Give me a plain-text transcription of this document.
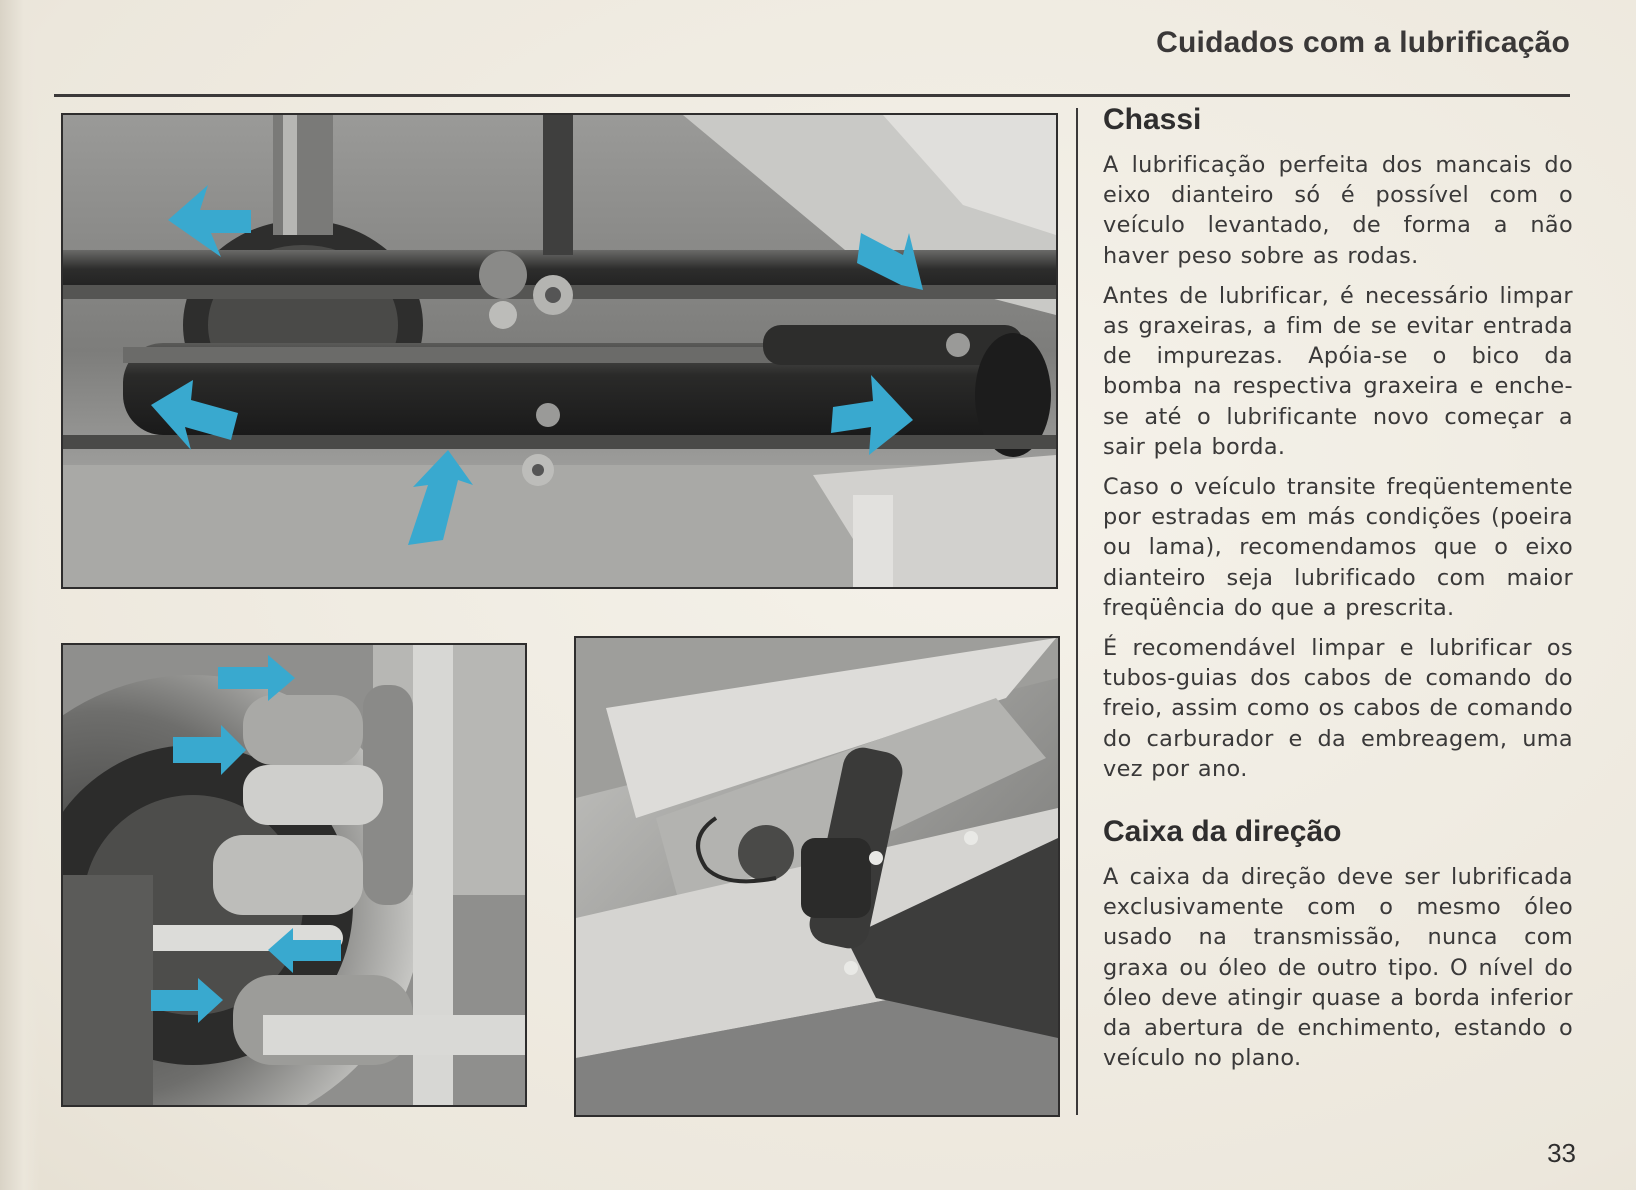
Cuidados com a lubrificação
Chassi

A lubrificação perfeita dos mancais do eixo dianteiro só é possível com o veículo levantado, de forma a não haver peso sobre as rodas.

Antes de lubrificar, é necessário limpar as graxeiras, a fim de se evitar entrada de impurezas. Apóia-se o bico da bomba na respectiva graxeira e enche-se até o lubrificante novo começar a sair pela borda.

Caso o veículo transite freqüentemente por estradas em más condições (poeira ou lama), recomendamos que o eixo dianteiro seja lubrificado com maior freqüência do que a prescrita.

É recomendável limpar e lubrificar os tubos-guias dos cabos de comando do freio, assim como os cabos de comando do carburador e da embreagem, uma vez por ano.

Caixa da direção

A caixa da direção deve ser lubrificada exclusivamente com o mesmo óleo usado na transmissão, nunca com graxa ou óleo de outro tipo. O nível do óleo deve atingir quase a borda inferior da abertura de enchimento, estando o veículo no plano.

33
